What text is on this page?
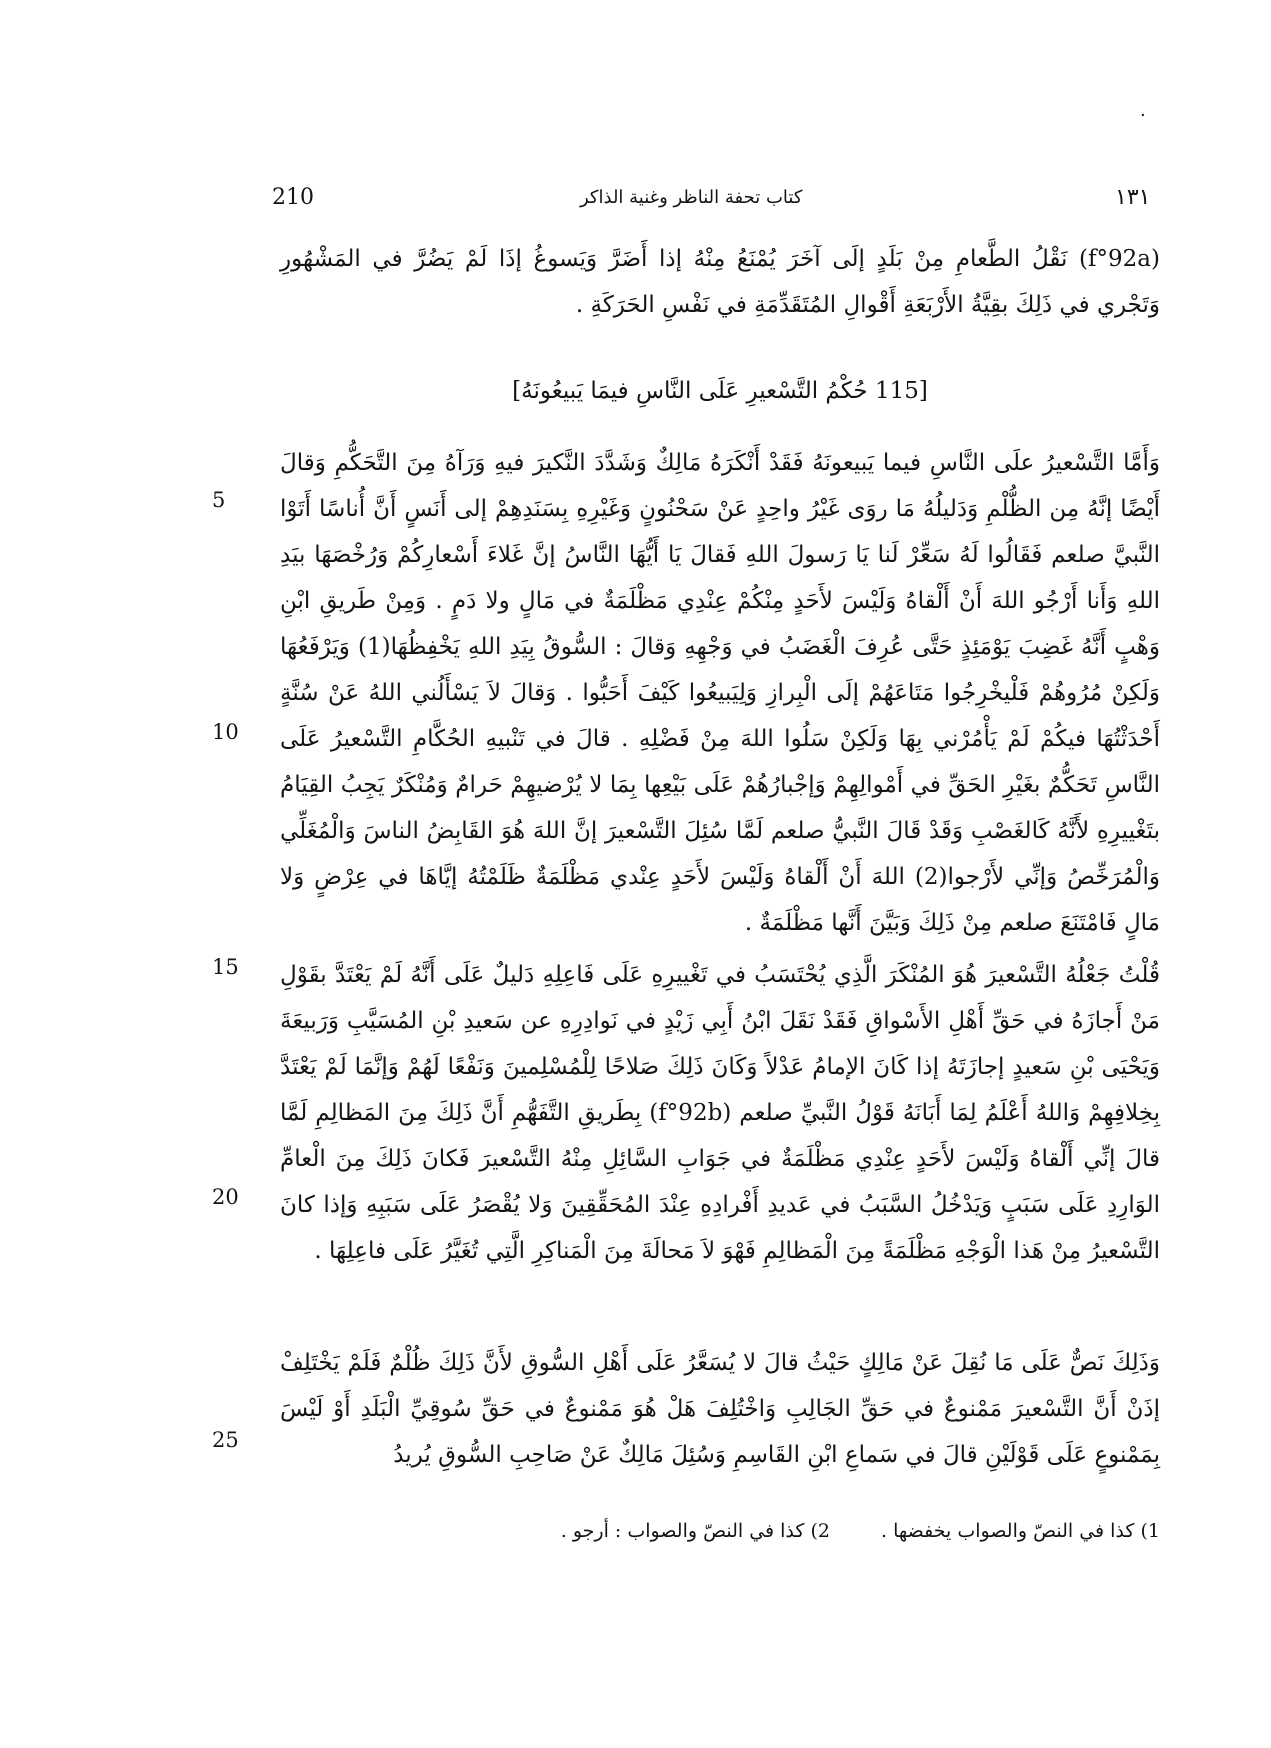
٠
210	كتاب تحفة الناظر وغنية الذاكر	١٣١
(f°92a) نَقْلُ الطَّعامِ مِنْ بَلَدٍ إلَى آخَرَ يُمْنَعُ مِنْهُ إذا أَضَرَّ وَيَسوغُ إذَا لَمْ يَضُرَّ في المَشْهُورِ وَتَجْري في ذَلِكَ بقِيَّةُ الأَرْبَعَةِ أَقْوالِ المُتَقَدِّمَةِ في نَفْسِ الحَرَكَةِ .
[115 حُكْمُ التَّسْعيرِ عَلَى النَّاسِ فيمَا يَبيعُونَهُ]
وَأَمَّا التَّسْعيرُ علَى النَّاسِ فيما يَبيعونَهُ فَقَدْ أَنْكَرَهُ مَالِكٌ وَشَدَّدَ النَّكيرَ فيهِ وَرَآهُ مِنَ التَّحَكُّمِ وَقالَ أَيْضًا إنَّهُ مِن الظُّلْمِ وَدَليلُهُ مَا روَى غَيْرُ واحِدٍ عَنْ سَحْنُونٍ وَغَيْرِهِ بِسَنَدِهِمْ إلى أَنَسٍ أَنَّ أُناسًا أَتَوْا النَّبيَّ صلعم فَقَالُوا لَهُ سَعِّرْ لَنا يَا رَسولَ اللهِ فَقالَ يَا أَيُّهَا النَّاسُ إنَّ غَلاءَ أَسْعارِكُمْ وَرُخْصَهَا بيَدِ اللهِ وَأَنا أَرْجُو اللهَ أَنْ أَلْقاهُ وَلَيْسَ لأَحَدٍ مِنْكُمْ عِنْدِي مَظْلَمَةٌ في مَالٍ ولا دَمٍ . وَمِنْ طَريقِ ابْنِ وَهْبٍ أَنَّهُ غَضِبَ يَوْمَئِذٍ حَتَّى عُرِفَ الْغَضَبُ في وَجْهِهِ وَقالَ : السُّوقُ بِيَدِ اللهِ يَخْفِظُهَا(1) وَيَرْفَعُهَا وَلَكِنْ مُرُوهُمْ فَلْيخْرِجُوا مَتَاعَهُمْ إلَى الْبِرازِ وَلِيَبيعُوا كَيْفَ أَحَبُّوا . وَقالَ لاَ يَسْأَلُني اللهُ عَنْ سُنَّةٍ أَحْدَثْتُهَا فيكُمْ لَمْ يَأْمُرْني بِهَا وَلَكِنْ سَلُوا اللهَ مِنْ فَضْلِهِ . قالَ في تَنْبيهِ الحُكَّامِ التَّسْعيرُ عَلَى النَّاسِ تَحَكُّمٌ بغَيْرِ الحَقِّ في أَمْوالِهِمْ وَإجْبارُهُمْ عَلَى بَيْعِها بِمَا لا يُرْضيهِمْ حَرامٌ وَمُنْكَرٌ يَجِبُ القِيَامُ بتَغْييرِهِ لأَنَّهُ كَالغَصْبِ وَقَدْ قَالَ النَّبيُّ صلعم لَمَّا سُئِلَ التَّسْعيرَ إنَّ اللهَ هُوَ القَابِضُ الناسَ وَالْمُغَلِّي وَالْمُرَخِّصُ وَإنِّي لأَرْجوا(2) اللهَ أَنْ أَلْقاهُ وَلَيْسَ لأَحَدٍ عِنْدي مَظْلَمَةٌ ظَلَمْتُهُ إيَّاهَا في عِرْضٍ وَلا مَالٍ فَامْتَنَعَ صلعم مِنْ ذَلِكَ وَبَيَّنَ أَنَّها مَظْلَمَةٌ .
قُلْتُ جَعْلُهُ التَّسْعيرَ هُوَ المُنْكَرَ الَّذِي يُحْتَسَبُ في تَغْييرِهِ عَلَى فَاعِلِهِ دَليلٌ عَلَى أَنَّهُ لَمْ يَعْتَدَّ بقَوْلِ مَنْ أَجازَهُ في حَقِّ أَهْلِ الأَسْواقِ فَقَدْ نَقَلَ ابْنُ أَبِي زَيْدٍ في نَوادِرِهِ عن سَعيدِ بْنِ المُسَيَّبِ وَرَبيعَةَ وَيَحْيَى بْنِ سَعيدٍ إجازَتَهُ إذا كَانَ الإمامُ عَدْلاً وَكَانَ ذَلِكَ صَلاحًا لِلْمُسْلِمينَ وَنَفْعًا لَهُمْ وَإنَّمَا لَمْ يَعْتَدَّ بِخِلافِهِمْ وَاللهُ أَعْلَمُ لِمَا أَبَانَهُ قَوْلُ النَّبيِّ صلعم (f°92b) بِطَريقِ التَّفَهُّمِ أَنَّ ذَلِكَ مِنَ المَظالِمِ لَمَّا قالَ إنِّي أَلْقاهُ وَلَيْسَ لأَحَدٍ عِنْدِي مَظْلَمَةٌ في جَوَابِ السَّائِلِ مِنْهُ التَّسْعيرَ فَكانَ ذَلِكَ مِنَ الْعامِّ الوَارِدِ عَلَى سَبَبٍ وَيَدْخُلُ السَّبَبُ في عَديدِ أَفْرادِهِ عِنْدَ المُحَقِّقِينَ وَلا يُقْصَرُ عَلَى سَبَبِهِ وَإذا كانَ التَّسْعيرُ مِنْ هَذا الْوَجْهِ مَظْلَمَةً مِنَ الْمَظالِمِ فَهْوَ لاَ مَحالَةَ مِنَ الْمَناكِرِ الَّتِي تُغَيَّرُ عَلَى فاعِلِهَا .
وَذَلِكَ نَصٌّ عَلَى مَا نُقِلَ عَنْ مَالِكٍ حَيْثُ قالَ لا يُسَعَّرُ عَلَى أَهْلِ السُّوقِ لأَنَّ ذَلِكَ ظُلْمٌ فَلَمْ يَخْتَلِفْ إذَنْ أَنَّ التَّسْعيرَ مَمْنوعٌ في حَقِّ الجَالِبِ وَاخْتُلِفَ هَلْ هُوَ مَمْنوعٌ في حَقِّ سُوقِيِّ الْبَلَدِ أَوْ لَيْسَ بِمَمْنوعٍ عَلَى قَوْلَيْنِ قالَ في سَماعِ ابْنِ القَاسِمِ وَسُئِلَ مَالِكٌ عَنْ صَاحِبِ السُّوقِ يُريدُ
5
10
15
20
25
1) كذا في النصّ والصواب يخفضها .
2) كذا في النصّ والصواب : أرجو .
